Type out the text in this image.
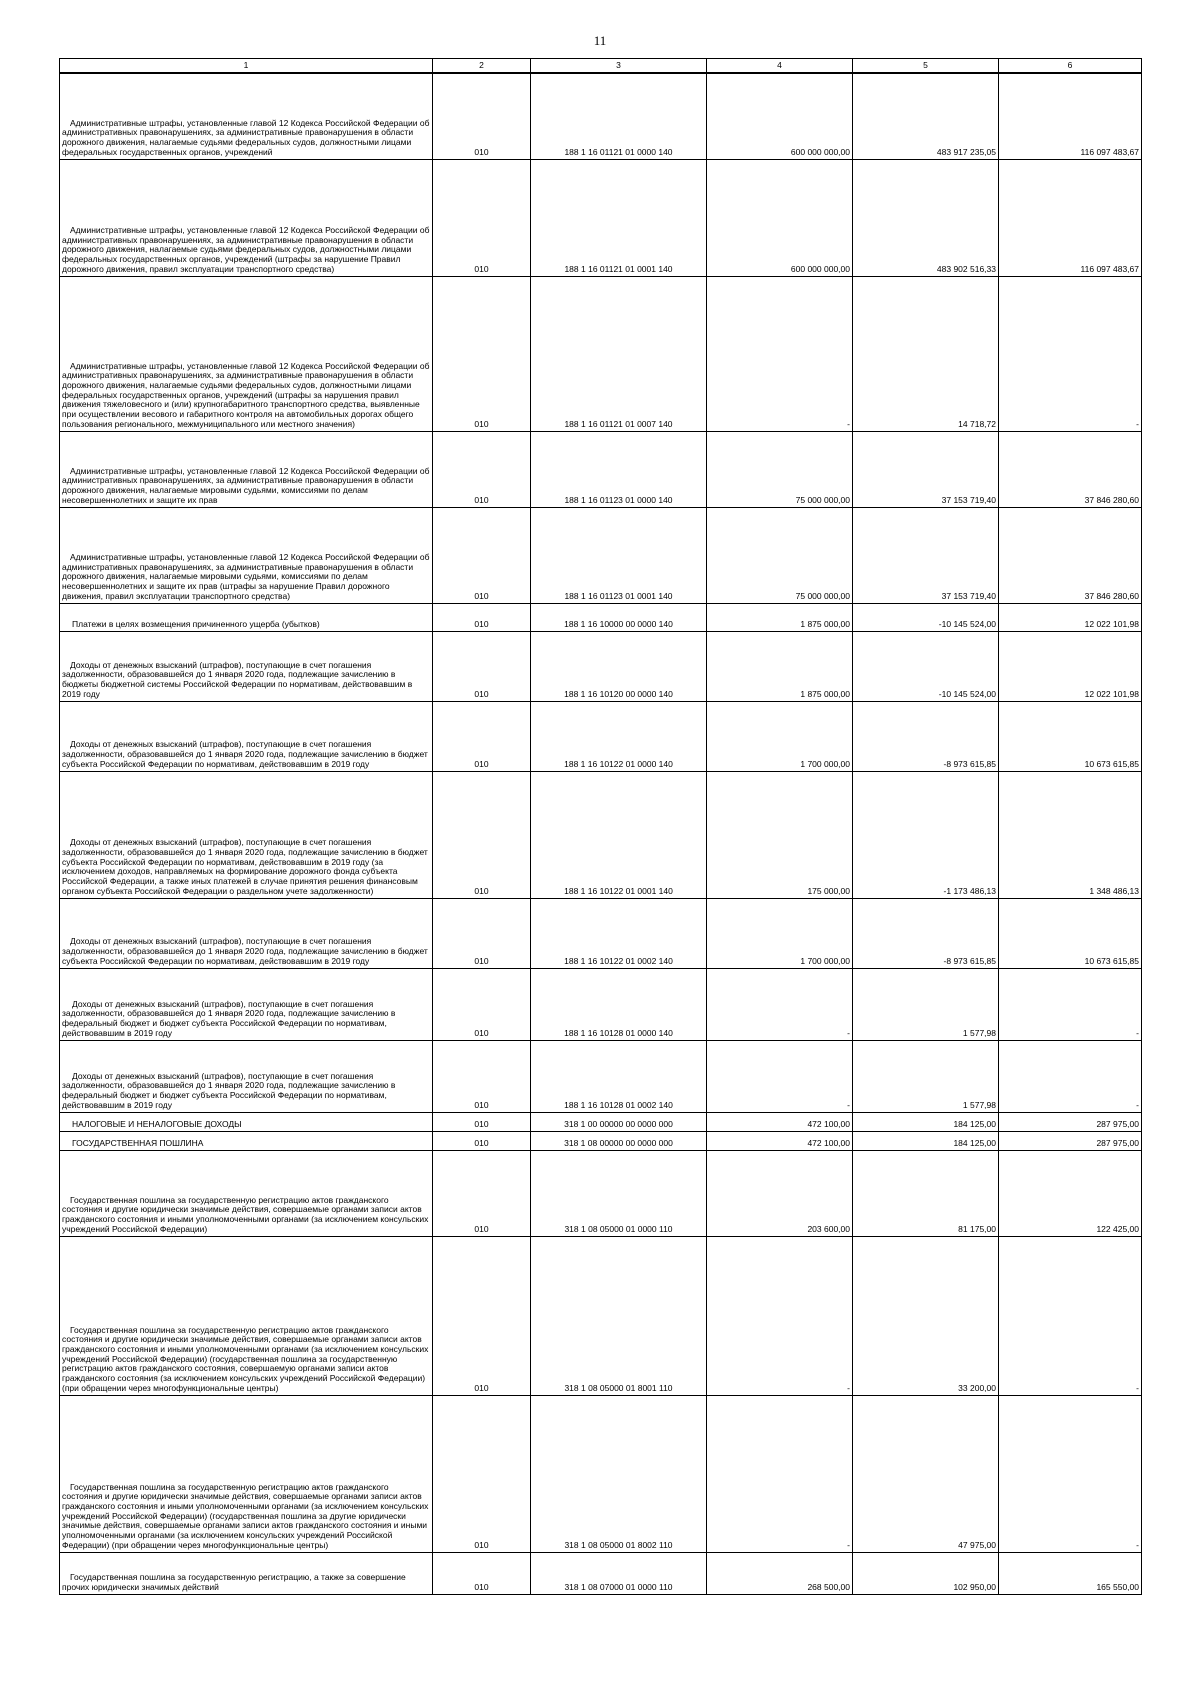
11
1	2	3	4	5	6
Административные штрафы, установленные главой 12 Кодекса Российской Федерации об административных правонарушениях, за административные правонарушения в области дорожного движения, налагаемые судьями федеральных судов, должностными лицами федеральных государственных органов, учреждений	010	188 1 16 01121 01 0000 140	600 000 000,00	483 917 235,05	116 097 483,67
Административные штрафы, установленные главой 12 Кодекса Российской Федерации об административных правонарушениях, за административные правонарушения в области дорожного движения, налагаемые судьями федеральных судов, должностными лицами федеральных государственных органов, учреждений (штрафы за нарушение Правил дорожного движения, правил эксплуатации транспортного средства)	010	188 1 16 01121 01 0001 140	600 000 000,00	483 902 516,33	116 097 483,67
Административные штрафы, установленные главой 12 Кодекса Российской Федерации об административных правонарушениях, за административные правонарушения в области дорожного движения, налагаемые судьями федеральных судов, должностными лицами федеральных государственных органов, учреждений (штрафы за нарушения правил движения тяжеловесного и (или) крупногабаритного транспортного средства, выявленные при осуществлении весового и габаритного контроля на автомобильных дорогах общего пользования регионального, межмуниципального или местного значения)	010	188 1 16 01121 01 0007 140	-	14 718,72	-
Административные штрафы, установленные главой 12 Кодекса Российской Федерации об административных правонарушениях, за административные правонарушения в области дорожного движения, налагаемые мировыми судьями, комиссиями по делам несовершеннолетних и защите их прав	010	188 1 16 01123 01 0000 140	75 000 000,00	37 153 719,40	37 846 280,60
Административные штрафы, установленные главой 12 Кодекса Российской Федерации об административных правонарушениях, за административные правонарушения в области дорожного движения, налагаемые мировыми судьями, комиссиями по делам несовершеннолетних и защите их прав (штрафы за нарушение Правил дорожного движения, правил эксплуатации транспортного средства)	010	188 1 16 01123 01 0001 140	75 000 000,00	37 153 719,40	37 846 280,60
Платежи в целях возмещения причиненного ущерба (убытков)	010	188 1 16 10000 00 0000 140	1 875 000,00	-10 145 524,00	12 022 101,98
Доходы от денежных взысканий (штрафов), поступающие в счет погашения задолженности, образовавшейся до 1 января 2020 года, подлежащие зачислению в бюджеты бюджетной системы Российской Федерации по нормативам, действовавшим в 2019 году	010	188 1 16 10120 00 0000 140	1 875 000,00	-10 145 524,00	12 022 101,98
Доходы от денежных взысканий (штрафов), поступающие в счет погашения задолженности, образовавшейся до 1 января 2020 года, подлежащие зачислению в бюджет субъекта Российской Федерации по нормативам, действовавшим в 2019 году	010	188 1 16 10122 01 0000 140	1 700 000,00	-8 973 615,85	10 673 615,85
Доходы от денежных взысканий (штрафов), поступающие в счет погашения задолженности, образовавшейся до 1 января 2020 года, подлежащие зачислению в бюджет субъекта Российской Федерации по нормативам, действовавшим в 2019 году (за исключением доходов, направляемых на формирование дорожного фонда субъекта Российской Федерации, а также иных платежей в случае принятия решения финансовым органом субъекта Российской Федерации о раздельном учете задолженности)	010	188 1 16 10122 01 0001 140	175 000,00	-1 173 486,13	1 348 486,13
Доходы от денежных взысканий (штрафов), поступающие в счет погашения задолженности, образовавшейся до 1 января 2020 года, подлежащие зачислению в бюджет субъекта Российской Федерации по нормативам, действовавшим в 2019 году	010	188 1 16 10122 01 0002 140	1 700 000,00	-8 973 615,85	10 673 615,85
Доходы от денежных взысканий (штрафов), поступающие в счет погашения задолженности, образовавшейся до 1 января 2020 года, подлежащие зачислению в федеральный бюджет и бюджет субъекта Российской Федерации по нормативам, действовавшим в 2019 году	010	188 1 16 10128 01 0000 140	-	1 577,98	-
Доходы от денежных взысканий (штрафов), поступающие в счет погашения задолженности, образовавшейся до 1 января 2020 года, подлежащие зачислению в федеральный бюджет и бюджет субъекта Российской Федерации по нормативам, действовавшим в 2019 году	010	188 1 16 10128 01 0002 140	-	1 577,98	-
НАЛОГОВЫЕ И НЕНАЛОГОВЫЕ ДОХОДЫ	010	318 1 00 00000 00 0000 000	472 100,00	184 125,00	287 975,00
ГОСУДАРСТВЕННАЯ ПОШЛИНА	010	318 1 08 00000 00 0000 000	472 100,00	184 125,00	287 975,00
Государственная пошлина за государственную регистрацию актов гражданского состояния и другие юридически значимые действия, совершаемые органами записи актов гражданского состояния и иными уполномоченными органами (за исключением консульских учреждений Российской Федерации)	010	318 1 08 05000 01 0000 110	203 600,00	81 175,00	122 425,00
Государственная пошлина за государственную регистрацию актов гражданского состояния и другие юридически значимые действия, совершаемые органами записи актов гражданского состояния и иными уполномоченными органами (за исключением консульских учреждений Российской Федерации) (государственная пошлина за государственную регистрацию актов гражданского состояния, совершаемую органами записи актов гражданского состояния (за исключением консульских учреждений Российской Федерации) (при обращении через многофункциональные центры)	010	318 1 08 05000 01 8001 110	-	33 200,00	-
Государственная пошлина за государственную регистрацию актов гражданского состояния и другие юридически значимые действия, совершаемые органами записи актов гражданского состояния и иными уполномоченными органами (за исключением консульских учреждений Российской Федерации) (государственная пошлина за другие юридически значимые действия, совершаемые органами записи актов гражданского состояния и иными уполномоченными органами (за исключением консульских учреждений Российской Федерации) (при обращении через многофункциональные центры)	010	318 1 08 05000 01 8002 110	-	47 975,00	-
Государственная пошлина за государственную регистрацию, а также за совершение прочих юридически значимых действий	010	318 1 08 07000 01 0000 110	268 500,00	102 950,00	165 550,00
